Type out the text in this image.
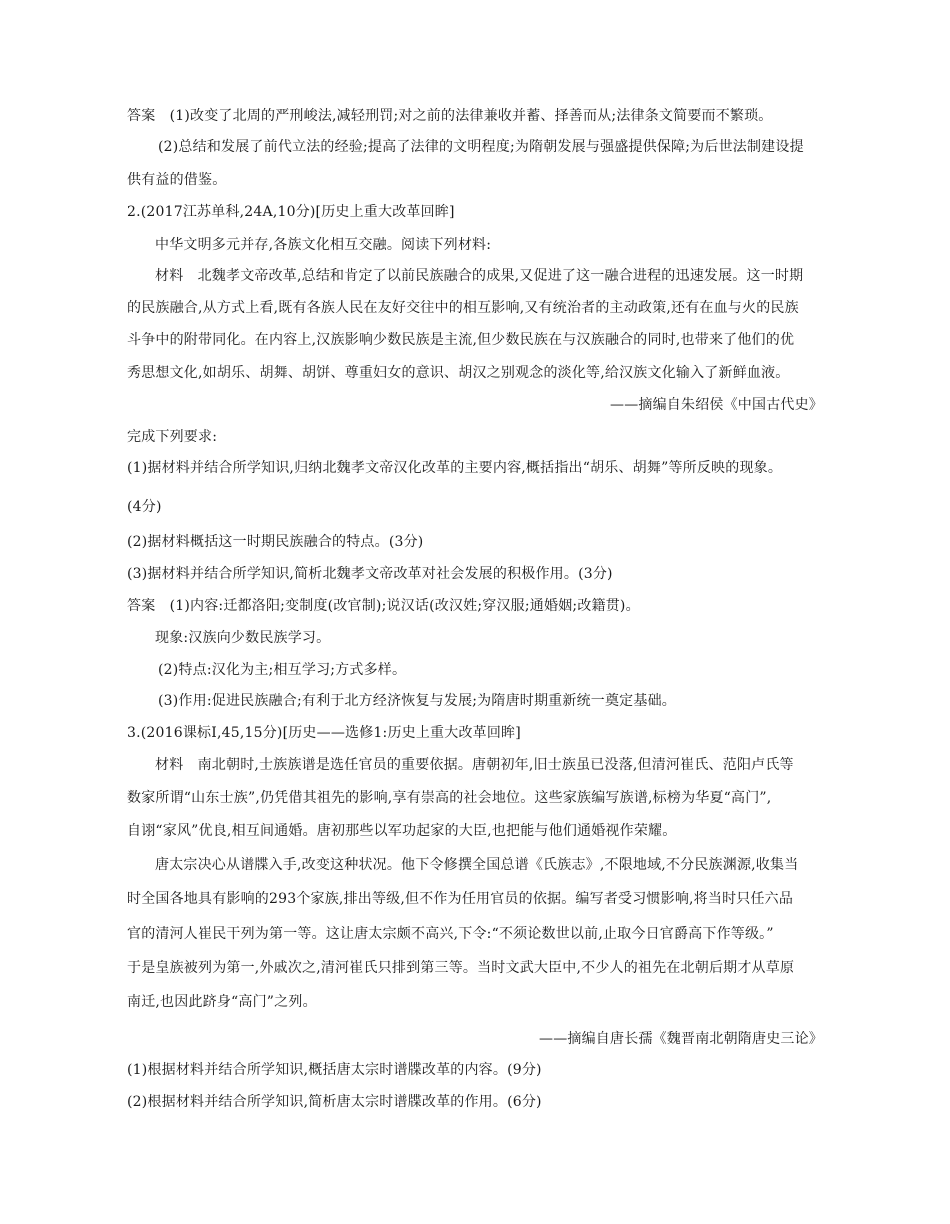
答案　(1)改变了北周的严刑峻法,减轻刑罚;对之前的法律兼收并蓄、择善而从;法律条文简要而不繁琐。
(2)总结和发展了前代立法的经验;提高了法律的文明程度;为隋朝发展与强盛提供保障;为后世法制建设提
供有益的借鉴。
2.(2017江苏单科,24A,10分)[历史上重大改革回眸]
中华文明多元并存,各族文化相互交融。阅读下列材料:
材料　北魏孝文帝改革,总结和肯定了以前民族融合的成果,又促进了这一融合进程的迅速发展。这一时期
的民族融合,从方式上看,既有各族人民在友好交往中的相互影响,又有统治者的主动政策,还有在血与火的民族
斗争中的附带同化。在内容上,汉族影响少数民族是主流,但少数民族在与汉族融合的同时,也带来了他们的优
秀思想文化,如胡乐、胡舞、胡饼、尊重妇女的意识、胡汉之别观念的淡化等,给汉族文化输入了新鲜血液。
——摘编自朱绍侯《中国古代史》
完成下列要求:
(1)据材料并结合所学知识,归纳北魏孝文帝汉化改革的主要内容,概括指出“胡乐、胡舞”等所反映的现象。
(4分)
(2)据材料概括这一时期民族融合的特点。(3分)
(3)据材料并结合所学知识,简析北魏孝文帝改革对社会发展的积极作用。(3分)
答案　(1)内容:迁都洛阳;变制度(改官制);说汉话(改汉姓;穿汉服;通婚姻;改籍贯)。
现象:汉族向少数民族学习。
(2)特点:汉化为主;相互学习;方式多样。
(3)作用:促进民族融合;有利于北方经济恢复与发展;为隋唐时期重新统一奠定基础。
3.(2016课标Ⅰ,45,15分)[历史——选修1:历史上重大改革回眸]
材料　南北朝时,士族族谱是选任官员的重要依据。唐朝初年,旧士族虽已没落,但清河崔氏、范阳卢氏等
数家所谓“山东士族”,仍凭借其祖先的影响,享有崇高的社会地位。这些家族编写族谱,标榜为华夏“高门”,
自诩“家风”优良,相互间通婚。唐初那些以军功起家的大臣,也把能与他们通婚视作荣耀。
唐太宗决心从谱牒入手,改变这种状况。他下令修撰全国总谱《氏族志》,不限地域,不分民族渊源,收集当
时全国各地具有影响的293个家族,排出等级,但不作为任用官员的依据。编写者受习惯影响,将当时只任六品
官的清河人崔民干列为第一等。这让唐太宗颇不高兴,下令:“不须论数世以前,止取今日官爵高下作等级。”
于是皇族被列为第一,外戚次之,清河崔氏只排到第三等。当时文武大臣中,不少人的祖先在北朝后期才从草原
南迁,也因此跻身“高门”之列。
——摘编自唐长孺《魏晋南北朝隋唐史三论》
(1)根据材料并结合所学知识,概括唐太宗时谱牒改革的内容。(9分)
(2)根据材料并结合所学知识,简析唐太宗时谱牒改革的作用。(6分)
